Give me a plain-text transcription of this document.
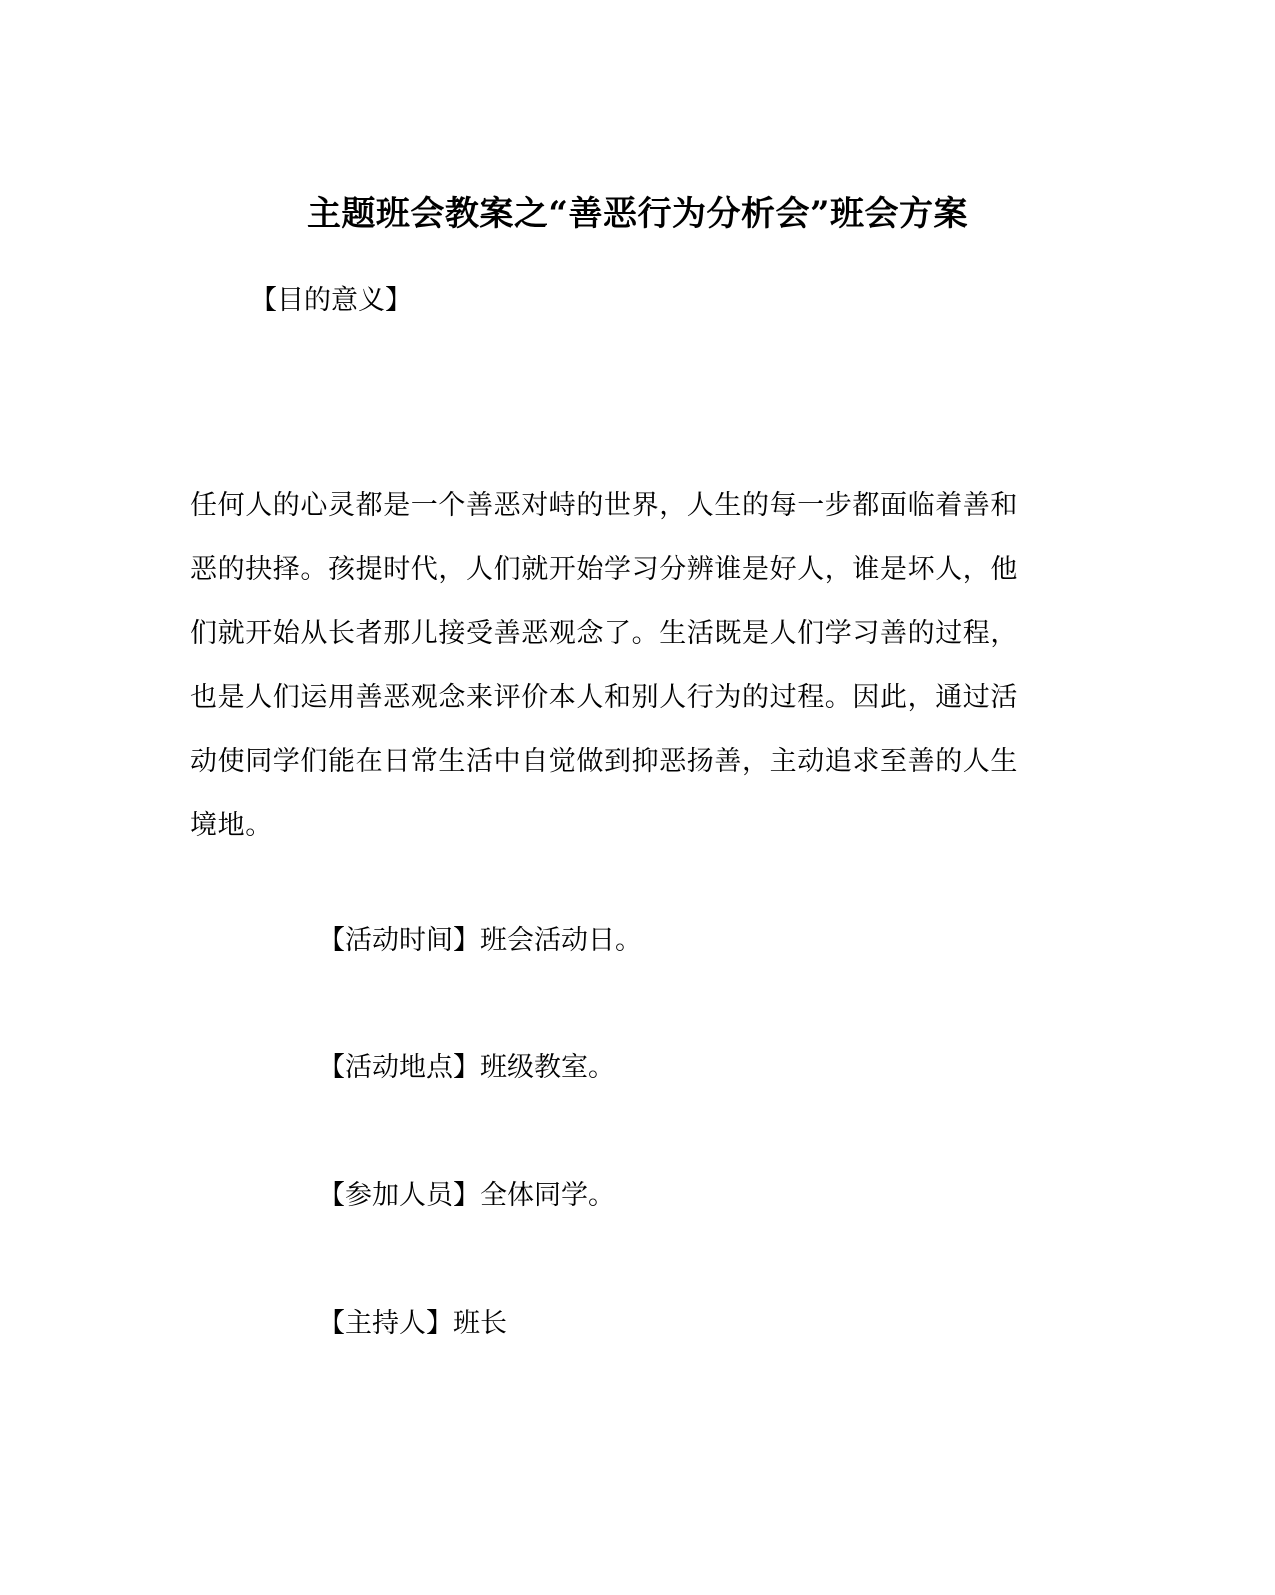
主题班会教案之“善恶行为分析会”班会方案
【目的意义】

任何人的心灵都是一个善恶对峙的世界，人生的每一步都面临着善和
恶的抉择。孩提时代，人们就开始学习分辨谁是好人，谁是坏人，他
们就开始从长者那儿接受善恶观念了。生活既是人们学习善的过程，
也是人们运用善恶观念来评价本人和别人行为的过程。因此，通过活
动使同学们能在日常生活中自觉做到抑恶扬善，主动追求至善的人生
境地。

【活动时间】班会活动日。
【活动地点】班级教室。
【参加人员】全体同学。
【主持人】班长
